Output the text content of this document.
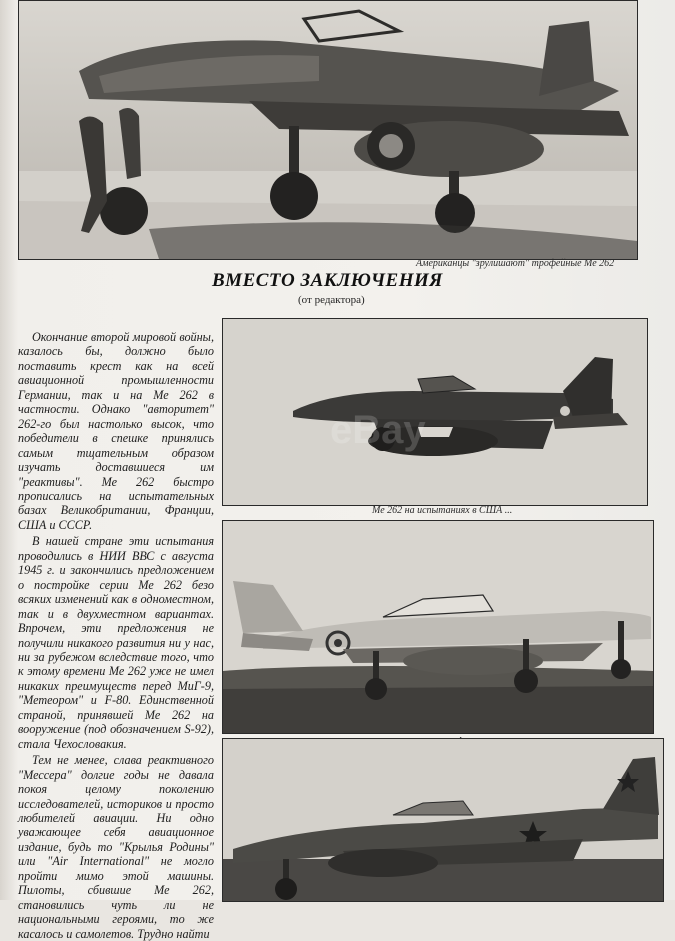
Американцы "зрулишают" трофейные Ме 262
ВМЕСТО ЗАКЛЮЧЕНИЯ
(от редактора)

Окончание второй мировой войны, казалось бы, должно было поставить крест как на всей авиационной промышленности Германии, так и на Ме 262 в частности. Однако "авторитет" 262-го был настолько высок, что победители в спешке принялись самым тщательным образом изучать доставшиеся им "реактивы". Ме 262 быстро прописались на испытательных базах Великобритании, Франции, США и СССР.

В нашей стране эти испытания проводились в НИИ ВВС с августа 1945 г. и закончились предложением о постройке серии Ме 262 безо всяких изменений как в одноместном, так и в двухместном вариантах. Впрочем, эти предложения не получили никакого развития ни у нас, ни за рубежом вследствие того, что к этому времени Ме 262 уже не имел никаких преимуществ перед МиГ-9, "Метеором" и F-80. Единственной страной, принявшей Ме 262 на вооружение (под обозначением S-92), стала Чехословакия.

Тем не менее, слава реактивного "Мессера" долгие годы не давала покоя целому поколению исследователей, историков и просто любителей авиации. Ни одно уважающее себя авиационное издание, будь то "Крылья Родины" или "Air International" не могло пройти мимо этой машины. Пилоты, сбившие Ме 262, становились чуть ли не национальными героями, то же касалось и самолетов. Трудно найти

Ме 262 на испытаниях в США ...
eBay
